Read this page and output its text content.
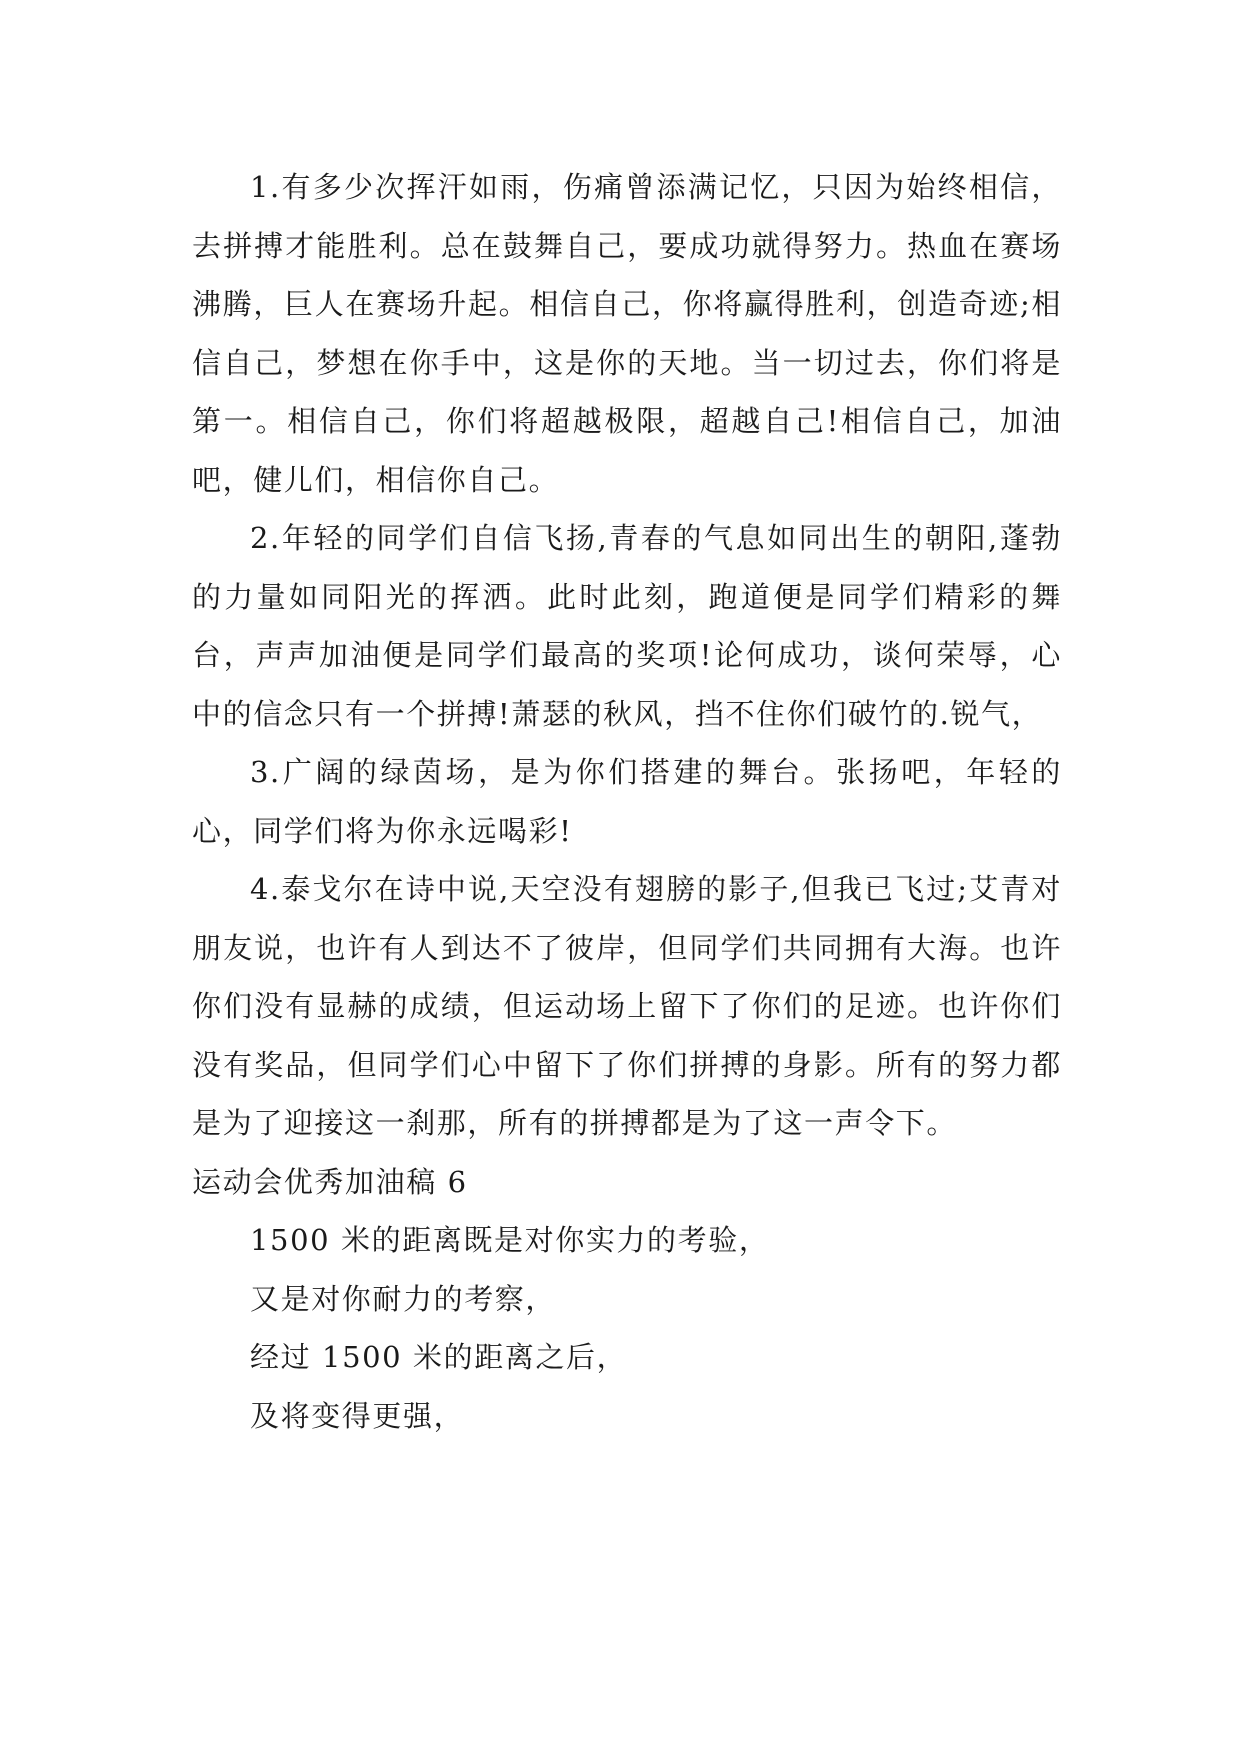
1.有多少次挥汗如雨，伤痛曾添满记忆，只因为始终相信，去拼搏才能胜利。总在鼓舞自己，要成功就得努力。热血在赛场沸腾，巨人在赛场升起。相信自己，你将赢得胜利，创造奇迹;相信自己，梦想在你手中，这是你的天地。当一切过去，你们将是第一。相信自己，你们将超越极限，超越自己!相信自己，加油吧，健儿们，相信你自己。

2.年轻的同学们自信飞扬,青春的气息如同出生的朝阳,蓬勃的力量如同阳光的挥洒。此时此刻，跑道便是同学们精彩的舞台，声声加油便是同学们最高的奖项!论何成功，谈何荣辱，心中的信念只有一个拼搏!萧瑟的秋风，挡不住你们破竹的.锐气，

3.广阔的绿茵场，是为你们搭建的舞台。张扬吧，年轻的心，同学们将为你永远喝彩!

4.泰戈尔在诗中说,天空没有翅膀的影子,但我已飞过;艾青对朋友说，也许有人到达不了彼岸，但同学们共同拥有大海。也许你们没有显赫的成绩，但运动场上留下了你们的足迹。也许你们没有奖品，但同学们心中留下了你们拼搏的身影。所有的努力都是为了迎接这一刹那，所有的拼搏都是为了这一声令下。

运动会优秀加油稿 6

1500 米的距离既是对你实力的考验，

又是对你耐力的考察，

经过 1500 米的距离之后，

及将变得更强，
